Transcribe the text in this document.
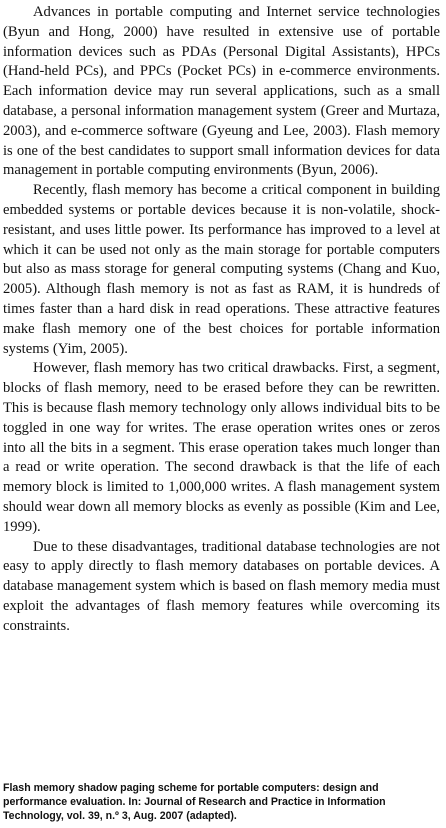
Advances in portable computing and Internet service technologies (Byun and Hong, 2000) have resulted in extensive use of portable information devices such as PDAs (Personal Digital Assistants), HPCs (Hand-held PCs), and PPCs (Pocket PCs) in e-commerce environments. Each information device may run several applications, such as a small database, a personal information management system (Greer and Murtaza, 2003), and e-commerce software (Gyeung and Lee, 2003). Flash memory is one of the best candidates to support small information devices for data management in portable computing environments (Byun, 2006).

Recently, flash memory has become a critical component in building embedded systems or portable devices because it is non-volatile, shock-resistant, and uses little power. Its performance has improved to a level at which it can be used not only as the main storage for portable computers but also as mass storage for general computing systems (Chang and Kuo, 2005). Although flash memory is not as fast as RAM, it is hundreds of times faster than a hard disk in read operations. These attractive features make flash memory one of the best choices for portable information systems (Yim, 2005).

However, flash memory has two critical drawbacks. First, a segment, blocks of flash memory, need to be erased before they can be rewritten. This is because flash memory technology only allows individual bits to be toggled in one way for writes. The erase operation writes ones or zeros into all the bits in a segment. This erase operation takes much longer than a read or write operation. The second drawback is that the life of each memory block is limited to 1,000,000 writes. A flash management system should wear down all memory blocks as evenly as possible (Kim and Lee, 1999).

Due to these disadvantages, traditional database technologies are not easy to apply directly to flash memory databases on portable devices. A database management system which is based on flash memory media must exploit the advantages of flash memory features while overcoming its constraints.

Flash memory shadow paging scheme for portable computers: design and performance evaluation. In: Journal of Research and Practice in Information Technology, vol. 39, n.º 3, Aug. 2007 (adapted).
